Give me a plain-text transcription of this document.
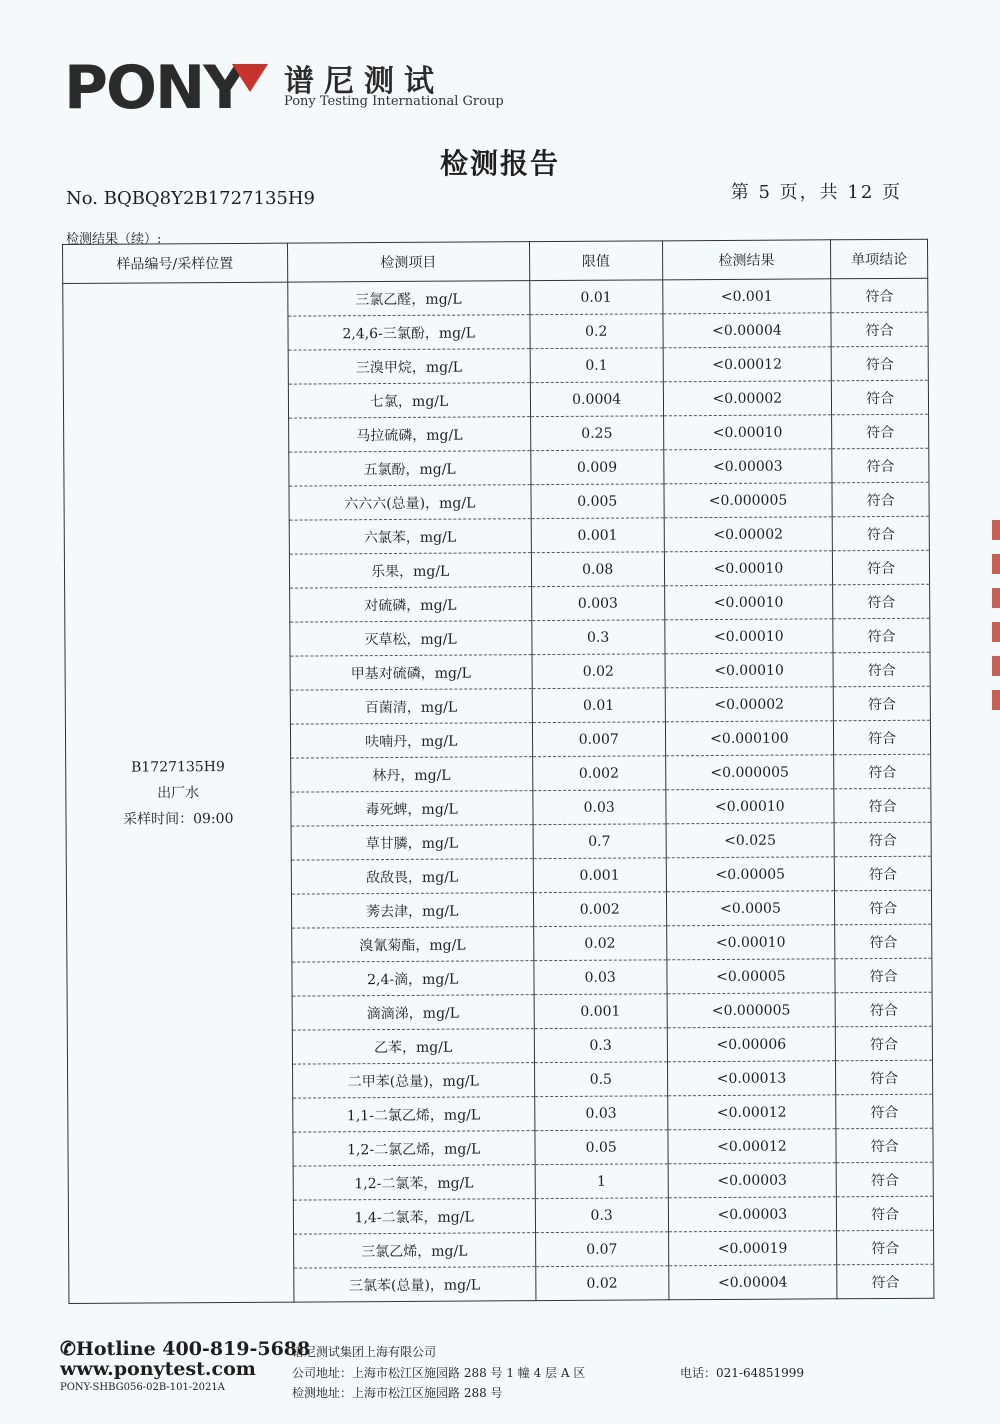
PONY 谱尼测试
Pony Testing International Group
检测报告
No. BQBQ8Y2B1727135H9	第 5 页，共 12 页
检测结果（续）:
样品编号/采样位置	检测项目	限值	检测结果	单项结论

B1727135H9
出厂水
采样时间：09:00	三氯乙醛，mg/L	0.01	<0.001	符合
	2,4,6-三氯酚，mg/L	0.2	<0.00004	符合
	三溴甲烷，mg/L	0.1	<0.00012	符合
	七氯，mg/L	0.0004	<0.00002	符合
	马拉硫磷，mg/L	0.25	<0.00010	符合
	五氯酚，mg/L	0.009	<0.00003	符合
	六六六(总量)，mg/L	0.005	<0.000005	符合
	六氯苯，mg/L	0.001	<0.00002	符合
	乐果，mg/L	0.08	<0.00010	符合
	对硫磷，mg/L	0.003	<0.00010	符合
	灭草松，mg/L	0.3	<0.00010	符合
	甲基对硫磷，mg/L	0.02	<0.00010	符合
	百菌清，mg/L	0.01	<0.00002	符合
	呋喃丹，mg/L	0.007	<0.000100	符合
	林丹，mg/L	0.002	<0.000005	符合
	毒死蜱，mg/L	0.03	<0.00010	符合
	草甘膦，mg/L	0.7	<0.025	符合
	敌敌畏，mg/L	0.001	<0.00005	符合
	莠去津，mg/L	0.002	<0.0005	符合
	溴氰菊酯，mg/L	0.02	<0.00010	符合
	2,4-滴，mg/L	0.03	<0.00005	符合
	滴滴涕，mg/L	0.001	<0.000005	符合
	乙苯，mg/L	0.3	<0.00006	符合
	二甲苯(总量)，mg/L	0.5	<0.00013	符合
	1,1-二氯乙烯，mg/L	0.03	<0.00012	符合
	1,2-二氯乙烯，mg/L	0.05	<0.00012	符合
	1,2-二氯苯，mg/L	1	<0.00003	符合
	1,4-二氯苯，mg/L	0.3	<0.00003	符合
	三氯乙烯，mg/L	0.07	<0.00019	符合
	三氯苯(总量)，mg/L	0.02	<0.00004	符合
✆Hotline 400-819-5688
www.ponytest.com
PONY-SHBG056-02B-101-2021A
谱尼测试集团上海有限公司
公司地址：上海市松江区施园路 288 号 1 幢 4 层 A 区
检测地址：上海市松江区施园路 288 号
电话：021-64851999
